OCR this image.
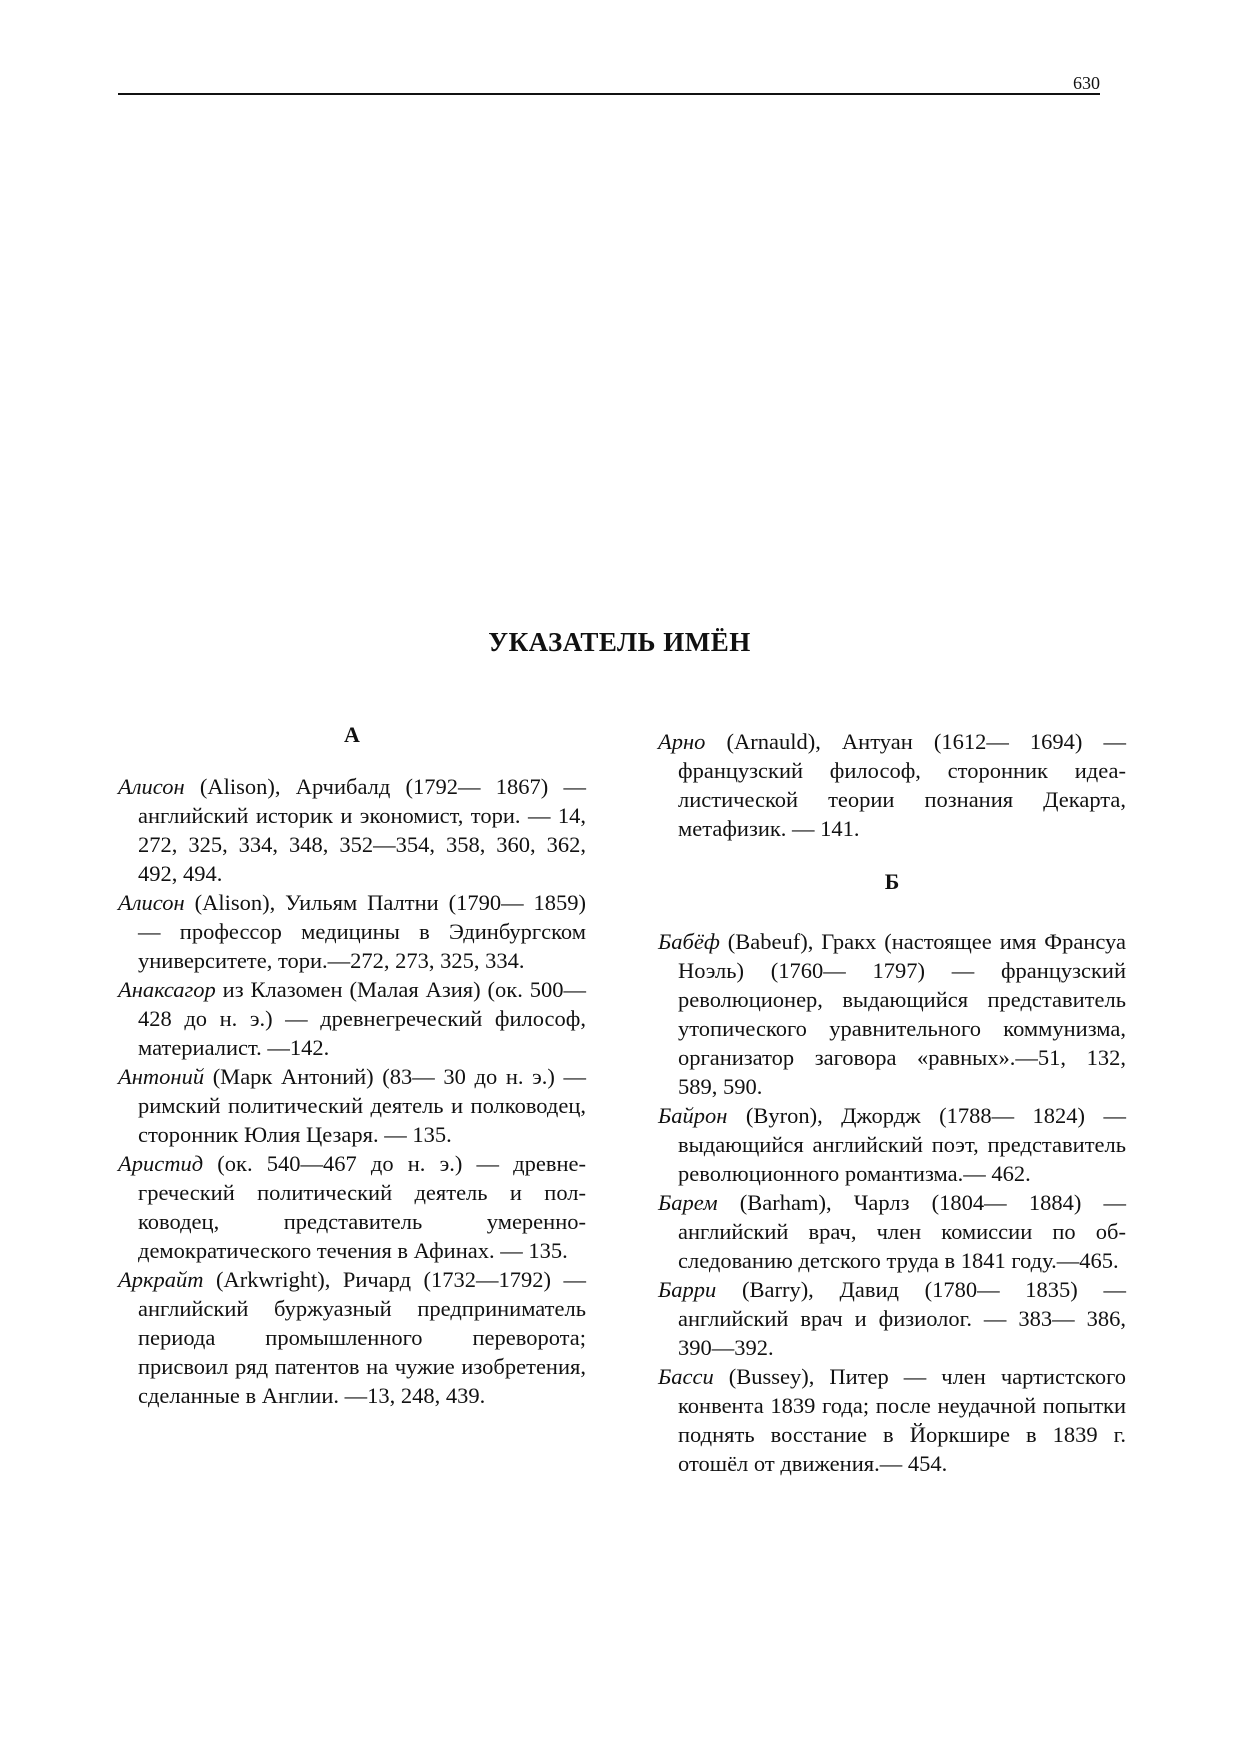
630
УКАЗАТЕЛЬ ИМЁН
А

Алисон (Alison), Арчибалд (1792— 1867) — английский историк и экономист, тори. — 14, 272, 325, 334, 348, 352—354, 358, 360, 362, 492, 494.

Алисон (Alison), Уильям Палтни (1790— 1859) — профессор медицины в Эдинбургском университете, тори.—272, 273, 325, 334.

Анаксагор из Клазомен (Малая Азия) (ок. 500—428 до н. э.) — древнегреческий философ, материалист. —142.

Антоний (Марк Антоний) (83— 30 до н. э.) — римский политический деятель и полководец, сторонник Юлия Цезаря. — 135.

Аристид (ок. 540—467 до н. э.) — древнегреческий политический деятель и полководец, представитель умеренно-демократического течения в Афинах. — 135.

Аркрайт (Arkwright), Ричард (1732—1792) — английский буржуазный предприниматель периода промышленного переворота; присвоил ряд патентов на чужие изобретения, сделанные в Англии. —13, 248, 439.

Арно (Arnauld), Антуан (1612— 1694) — французский философ, сторонник идеалистической теории познания Декарта, метафизик. — 141.

Б

Бабёф (Babeuf), Гракх (настоящее имя Франсуа Ноэль) (1760— 1797) — французский революционер, выдающийся представитель утопического уравнительного коммунизма, организатор заговора «равных».—51, 132, 589, 590.

Байрон (Byron), Джордж (1788— 1824) — выдающийся английский поэт, представитель революционного романтизма.— 462.

Барем (Barham), Чарлз (1804— 1884) — английский врач, член комиссии по обследованию детского труда в 1841 году.—465.

Барри (Barry), Давид (1780— 1835) — английский врач и физиолог. — 383— 386, 390—392.

Басси (Bussey), Питер — член чартистского конвента 1839 года; после неудачной попытки поднять восстание в Йоркшире в 1839 г. отошёл от движения.— 454.
